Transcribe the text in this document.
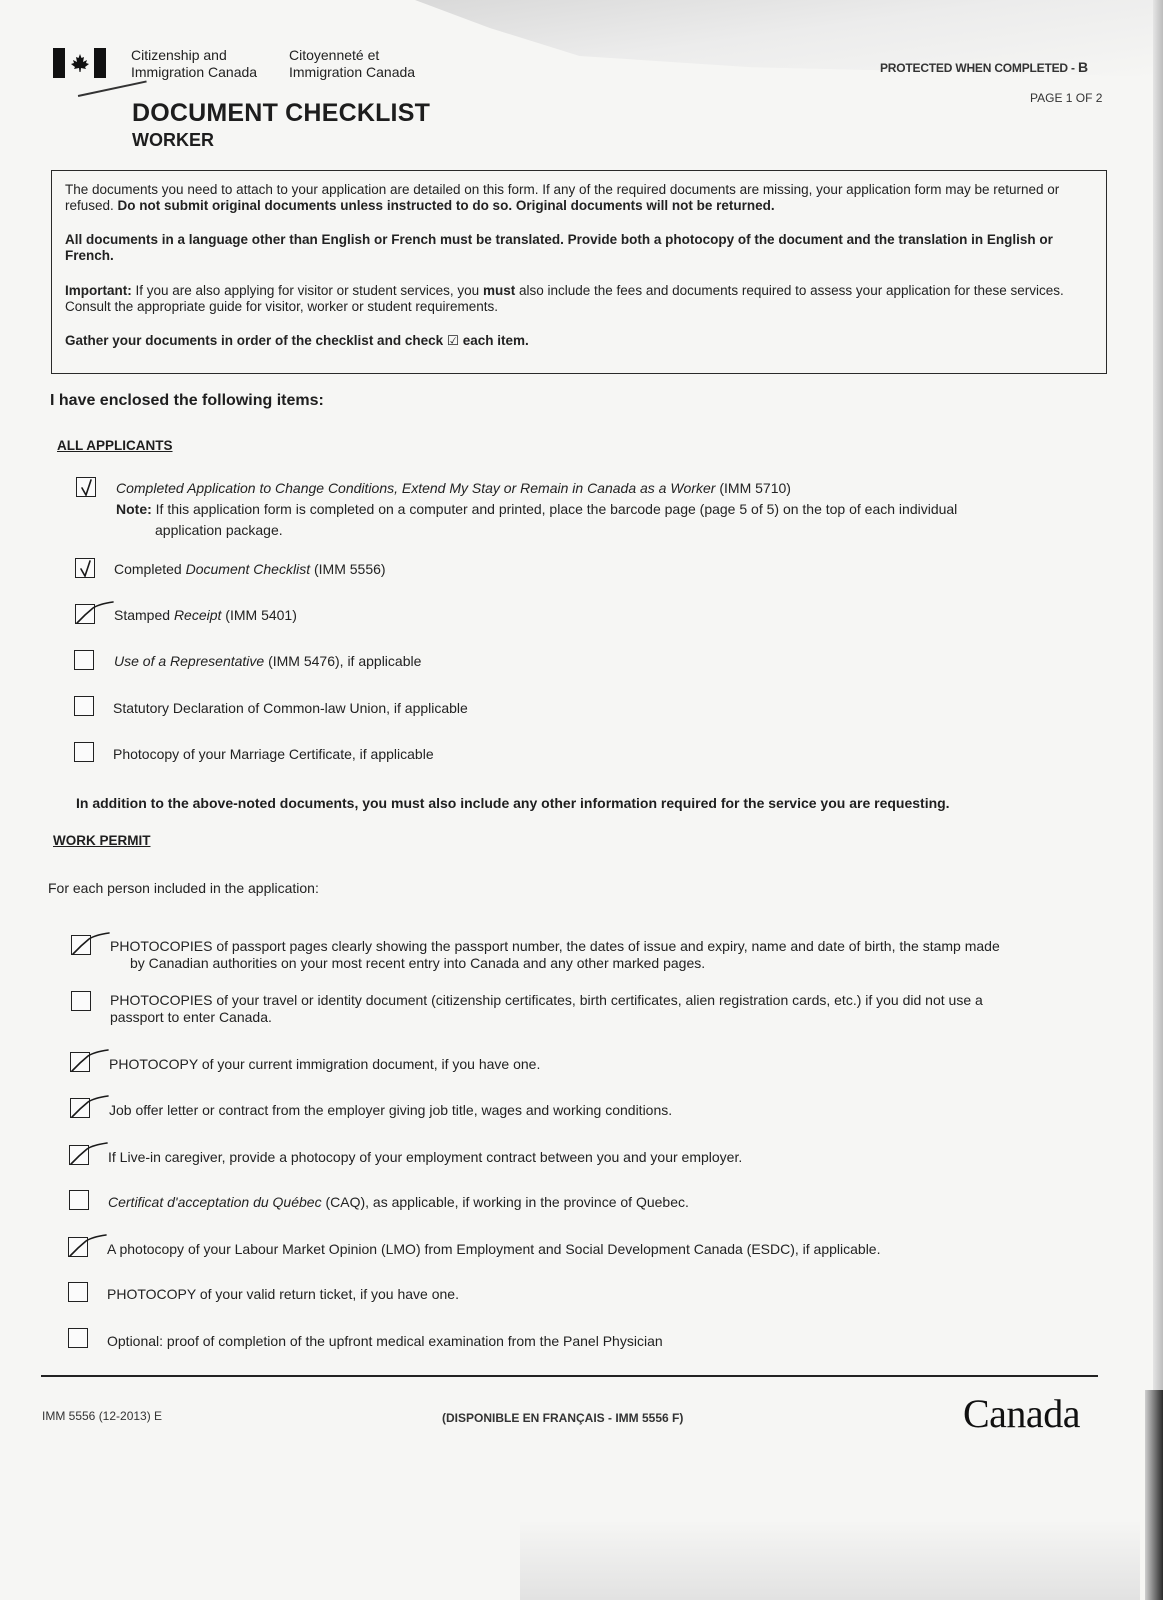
Citizenship and
Immigration Canada
Citoyenneté et
Immigration Canada	PROTECTED WHEN COMPLETED - B
PAGE 1 OF 2
DOCUMENT CHECKLIST
WORKER

The documents you need to attach to your application are detailed on this form. If any of the required documents are missing, your application form may be returned or refused. Do not submit original documents unless instructed to do so. Original documents will not be returned.

All documents in a language other than English or French must be translated. Provide both a photocopy of the document and the translation in English or French.

Important: If you are also applying for visitor or student services, you must also include the fees and documents required to assess your application for these services. Consult the appropriate guide for visitor, worker or student requirements.

Gather your documents in order of the checklist and check ☑ each item.

I have enclosed the following items:
ALL APPLICANTS
Completed Application to Change Conditions, Extend My Stay or Remain in Canada as a Worker (IMM 5710)
Note: If this application form is completed on a computer and printed, place the barcode page (page 5 of 5) on the top of each individual
application package.
Completed Document Checklist (IMM 5556)
Stamped Receipt (IMM 5401)
Use of a Representative (IMM 5476), if applicable
Statutory Declaration of Common-law Union, if applicable
Photocopy of your Marriage Certificate, if applicable
In addition to the above-noted documents, you must also include any other information required for the service you are requesting.
WORK PERMIT
For each person included in the application:
PHOTOCOPIES of passport pages clearly showing the passport number, the dates of issue and expiry, name and date of birth, the stamp made
by Canadian authorities on your most recent entry into Canada and any other marked pages.
PHOTOCOPIES of your travel or identity document (citizenship certificates, birth certificates, alien registration cards, etc.) if you did not use a
passport to enter Canada.
PHOTOCOPY of your current immigration document, if you have one.
Job offer letter or contract from the employer giving job title, wages and working conditions.
If Live-in caregiver, provide a photocopy of your employment contract between you and your employer.
Certificat d'acceptation du Québec (CAQ), as applicable, if working in the province of Quebec.
A photocopy of your Labour Market Opinion (LMO) from Employment and Social Development Canada (ESDC), if applicable.
PHOTOCOPY of your valid return ticket, if you have one.
Optional: proof of completion of the upfront medical examination from the Panel Physician
IMM 5556 (12-2013) E	(DISPONIBLE EN FRANÇAIS - IMM 5556 F)	Canada
